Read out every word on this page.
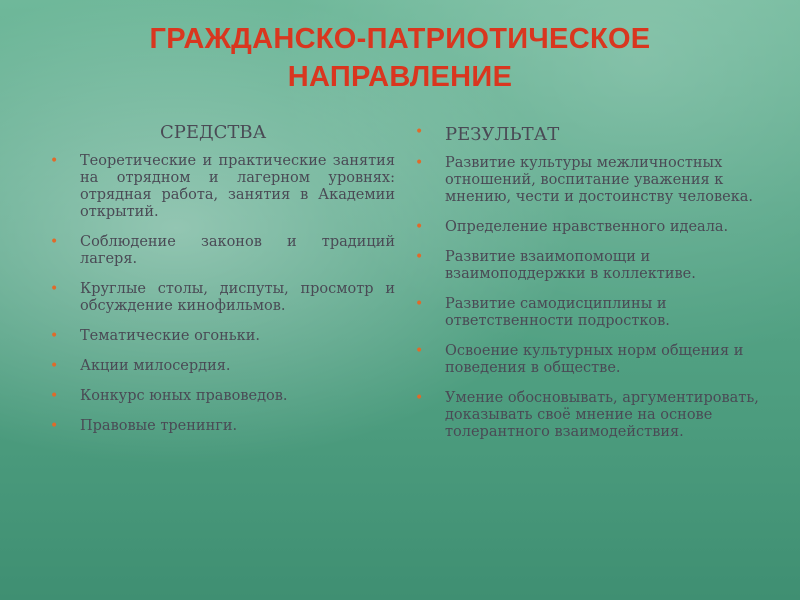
ГРАЖДАНСКО-ПАТРИОТИЧЕСКОЕ
НАПРАВЛЕНИЕ
СРЕДСТВА
• Теоретические и практические занятия на отрядном и лагерном уровнях: отрядная работа, занятия в Академии открытий.
• Соблюдение законов и традиций лагеря.
• Круглые столы, диспуты, просмотр и обсуждение кинофильмов.
• Тематические огоньки.
• Акции милосердия.
• Конкурс юных правоведов.
• Правовые тренинги.
• РЕЗУЛЬТАТ
• Развитие культуры межличностных отношений, воспитание уважения к мнению, чести и достоинству человека.
• Определение нравственного идеала.
• Развитие взаимопомощи и взаимоподдержки в коллективе.
• Развитие самодисциплины и ответственности подростков.
• Освоение культурных норм общения и поведения в обществе.
• Умение обосновывать, аргументировать, доказывать своё мнение на основе толерантного взаимодействия.
